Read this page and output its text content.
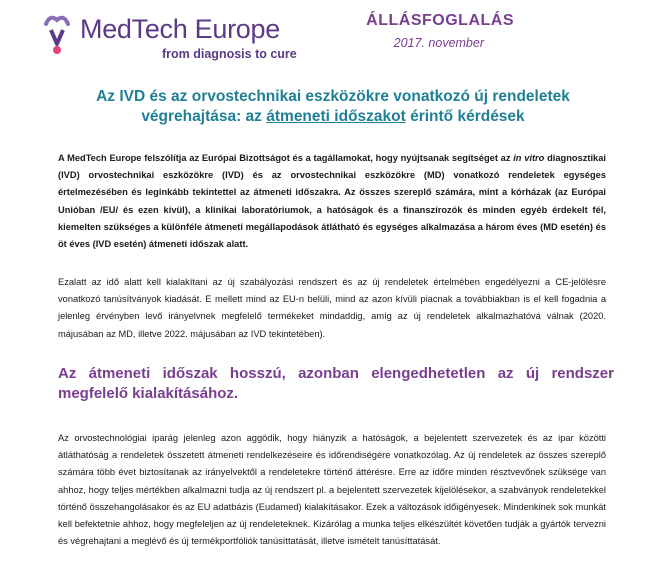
MedTech Europe
from diagnosis to cure
ÁLLÁSFOGLALÁS
2017. november
Az IVD és az orvostechnikai eszközökre vonatkozó új rendeletek
végrehajtása: az átmeneti időszakot érintő kérdések

A MedTech Europe felszólítja az Európai Bizottságot és a tagállamokat, hogy nyújtsanak segítséget az in vitro diagnosztikai (IVD) orvostechnikai eszközökre (IVD) és az orvostechnikai eszközökre (MD) vonatkozó rendeletek egységes értelmezésében és leginkább tekintettel az átmeneti időszakra. Az összes szereplő számára, mint a kórházak (az Európai Unióban /EU/ és ezen kívül), a klinikai laboratóriumok, a hatóságok és a finanszírozók és minden egyéb érdekelt fél, kiemelten szükséges a különféle átmeneti megállapodások átlátható és egységes alkalmazása a három éves (MD esetén) és öt éves (IVD esetén) átmeneti időszak alatt.

Ezalatt az idő alatt kell kialakítani az új szabályozási rendszert és az új rendeletek értelmében engedélyezni a CE-jelölésre vonatkozó tanúsítványok kiadását. E mellett mind az EU-n belüli, mind az azon kívüli piacnak a továbbiakban is el kell fogadnia a jelenleg érvényben levő irányelvnek megfelelő termékeket mindaddig, amíg az új rendeletek alkalmazhatóvá válnak (2020. májusában az MD, illetve 2022. májusában az IVD tekintetében).

Az átmeneti időszak hosszú, azonban elengedhetetlen az új rendszer megfelelő kialakításához.

Az orvostechnológiai iparág jelenleg azon aggódik, hogy hiányzik a hatóságok, a bejelentett szervezetek és az ipar közötti átláthatóság a rendeletek összetett átmeneti rendelkezéseire és időrendiségére vonatkozólag. Az új rendeletek az összes szereplő számára több évet biztosítanak az irányelvektől a rendeletekre történő áttérésre. Erre az időre minden résztvevőnek szüksége van ahhoz, hogy teljes mértékben alkalmazni tudja az új rendszert pl. a bejelentett szervezetek kijelölésekor, a szabványok rendeletekkel történő összehangolásakor és az EU adatbázis (Eudamed) kialakításakor. Ezek a változások időigényesek. Mindenkinek sok munkát kell befektetnie ahhoz, hogy megfeleljen az új rendeleteknek. Kizárólag a munka teljes elkészültét követően tudják a gyártók tervezni és végrehajtani a meglévő és új termékportfóliók tanúsíttatását, illetve ismételt tanúsíttatását.
